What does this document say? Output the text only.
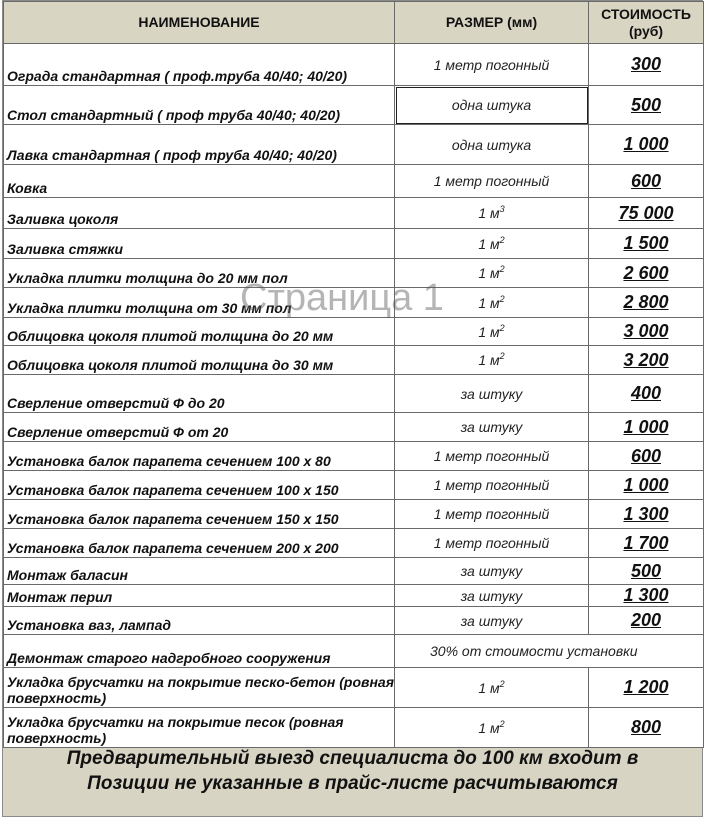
НАИМЕНОВАНИЕ	РАЗМЕР (мм)	СТОИМОСТЬ
(руб)

Ограда стандартная ( проф.труба 40/40; 40/20)	1 метр погонный	300

Стол стандартный ( проф труба 40/40; 40/20)	одна штука	500

Лавка стандартная ( проф труба 40/40; 40/20)	одна штука	1 000

Ковка	1 метр погонный	600

Заливка цоколя	1 $м^3$	75 000

Заливка стяжки	1 $м^2$	1 500

Укладка плитки толщина до 20 мм пол	1 $м^2$	2 600

Укладка плитки толщина от 30 мм пол	1 $м^2$	2 800

Облицовка цоколя плитой толщина до 20 мм	1 $м^2$	3 000

Облицовка цоколя плитой толщина до 30 мм	1 $м^2$	3 200

Сверление отверстий Ф до 20	за штуку	400

Сверление отверстий Ф от 20	за штуку	1 000

Установка балок парапета сечением 100 х 80	1 метр погонный	600

Установка балок парапета сечением 100 х 150	1 метр погонный	1 000

Установка балок парапета сечением 150 х 150	1 метр погонный	1 300

Установка балок парапета сечением 200 х 200	1 метр погонный	1 700

Монтаж баласин	за штуку	500

Монтаж перил	за штуку	1 300

Установка ваз, лампад	за штуку	200

Демонтаж старого надгробного сооружения	30% от стоимости установки	

Укладка брусчатки на покрытие песко-бетон (ровная поверхность)	1 $м^2$	1 200

Укладка брусчатки на покрытие песок (ровная поверхность)	1 $м^2$	800
Предварительный выезд специалиста до 100 км входит в
Позиции не указанные в прайс-листе расчитываются
Страница 1
